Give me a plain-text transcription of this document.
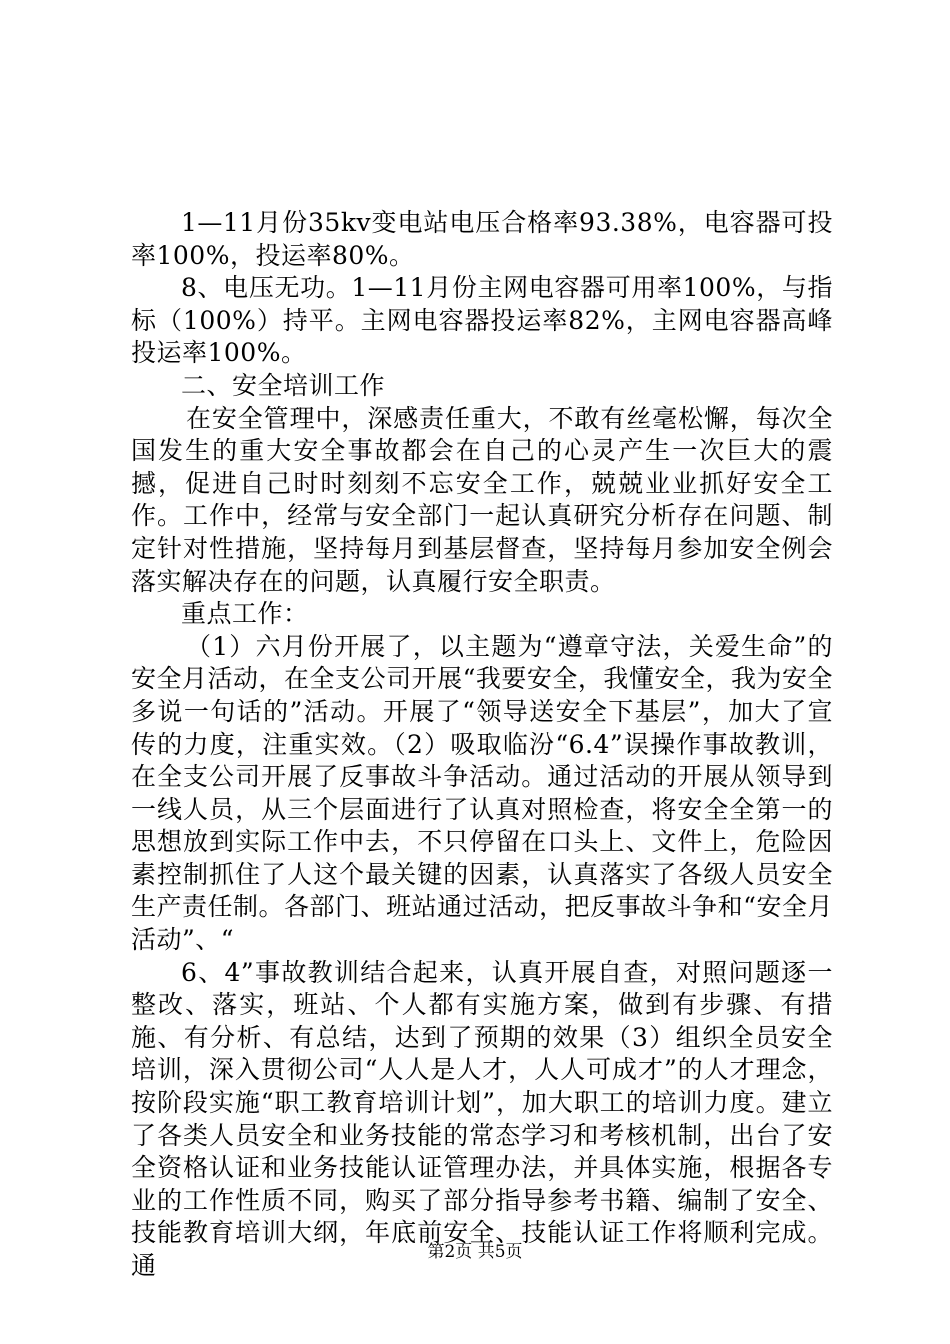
1—11月份35kv变电站电压合格率93.38%，电容器可投率100%，投运率80%。

8、电压无功。1—11月份主网电容器可用率100%，与指标（100%）持平。主网电容器投运率82%，主网电容器高峰投运率100%。

二、安全培训工作

在安全管理中，深感责任重大，不敢有丝毫松懈，每次全国发生的重大安全事故都会在自己的心灵产生一次巨大的震撼，促进自己时时刻刻不忘安全工作，兢兢业业抓好安全工作。工作中，经常与安全部门一起认真研究分析存在问题、制定针对性措施，坚持每月到基层督查，坚持每月参加安全例会落实解决存在的问题，认真履行安全职责。

重点工作：

（1）六月份开展了，以主题为“遵章守法，关爱生命”的安全月活动，在全支公司开展“我要安全，我懂安全，我为安全多说一句话的”活动。开展了“领导送安全下基层”，加大了宣传的力度，注重实效。（2）吸取临汾“6.4”误操作事故教训，在全支公司开展了反事故斗争活动。通过活动的开展从领导到一线人员，从三个层面进行了认真对照检查，将安全全第一的思想放到实际工作中去，不只停留在口头上、文件上，危险因素控制抓住了人这个最关键的因素，认真落实了各级人员安全生产责任制。各部门、班站通过活动，把反事故斗争和“安全月活动”、“

6、4”事故教训结合起来，认真开展自查，对照问题逐一整改、落实，班站、个人都有实施方案，做到有步骤、有措施、有分析、有总结，达到了预期的效果（3）组织全员安全培训，深入贯彻公司“人人是人才，人人可成才”的人才理念，按阶段实施“职工教育培训计划”，加大职工的培训力度。建立了各类人员安全和业务技能的常态学习和考核机制，出台了安全资格认证和业务技能认证管理办法，并具体实施，根据各专业的工作性质不同，购买了部分指导参考书籍、编制了安全、技能教育培训大纲，年底前安全、技能认证工作将顺利完成。通	第2页 共5页
